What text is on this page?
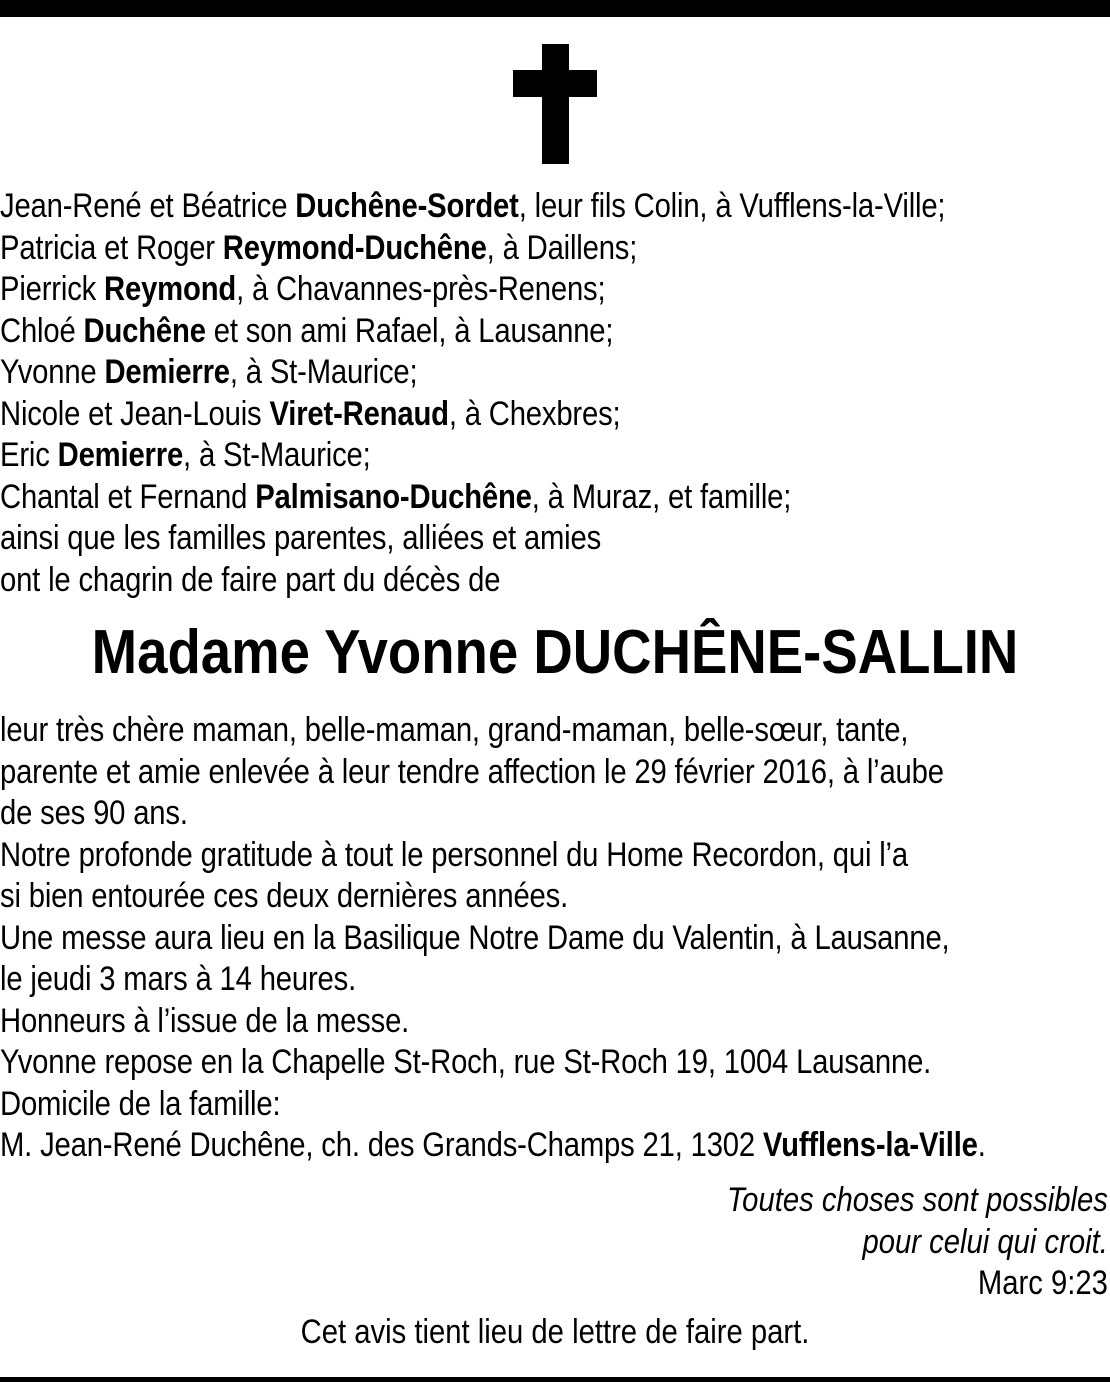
Jean-René et Béatrice Duchêne-Sordet, leur fils Colin, à Vufflens-la-Ville;
Patricia et Roger Reymond-Duchêne, à Daillens;
Pierrick Reymond, à Chavannes-près-Renens;
Chloé Duchêne et son ami Rafael, à Lausanne;
Yvonne Demierre, à St-Maurice;
Nicole et Jean-Louis Viret-Renaud, à Chexbres;
Eric Demierre, à St-Maurice;
Chantal et Fernand Palmisano-Duchêne, à Muraz, et famille;
ainsi que les familles parentes, alliées et amies
ont le chagrin de faire part du décès de
Madame Yvonne DUCHÊNE-SALLIN
leur très chère maman, belle-maman, grand-maman, belle-sœur, tante,
parente et amie enlevée à leur tendre affection le 29 février 2016, à l’aube
de ses 90 ans.
Notre profonde gratitude à tout le personnel du Home Recordon, qui l’a
si bien entourée ces deux dernières années.
Une messe aura lieu en la Basilique Notre Dame du Valentin, à Lausanne,
le jeudi 3 mars à 14 heures.
Honneurs à l’issue de la messe.
Yvonne repose en la Chapelle St-Roch, rue St-Roch 19, 1004 Lausanne.
Domicile de la famille:
M. Jean-René Duchêne, ch. des Grands-Champs 21, 1302 Vufflens-la-Ville.
Toutes choses sont possibles
pour celui qui croit.
Marc 9:23
Cet avis tient lieu de lettre de faire part.
